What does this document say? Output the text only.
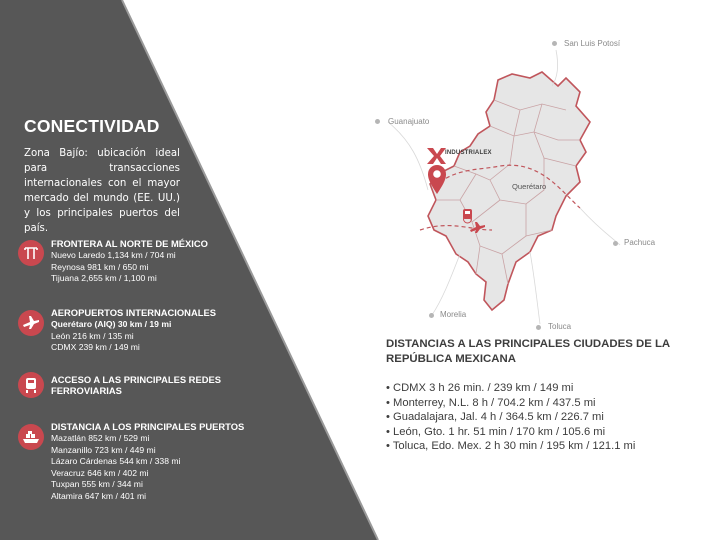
CONECTIVIDAD
Zona Bajío: ubicación ideal para transacciones internacionales con el mayor mercado del mundo (EE. UU.) y los principales puertos del país.
FRONTERA AL NORTE DE MÉXICO
Nuevo Laredo 1,134 km / 704 mi
Reynosa 981 km / 650 mi
Tijuana 2,655 km / 1,100 mi
AEROPUERTOS INTERNACIONALES
Querétaro (AIQ) 30 km / 19 mi
León 216 km / 135 mi
CDMX 239 km / 149 mi
ACCESO A LAS PRINCIPALES REDES FERROVIARIAS
DISTANCIA A LOS PRINCIPALES PUERTOS
Mazatlán 852 km / 529 mi
Manzanillo 723 km / 449 mi
Lázaro Cárdenas 544 km / 338 mi
Veracruz 646 km / 402 mi
Tuxpan 555 km / 344 mi
Altamira 647 km / 401 mi
INDUSTRIALEX
San Luis Potosí
Guanajuato
Querétaro
Pachuca
Morelia
Toluca
DISTANCIAS A LAS PRINCIPALES CIUDADES DE LA REPÚBLICA MEXICANA
• CDMX 3 h 26 min. / 239 km / 149 mi
• Monterrey, N.L. 8 h / 704.2 km / 437.5 mi
• Guadalajara, Jal. 4 h / 364.5 km / 226.7 mi
• León, Gto. 1 hr. 51 min / 170 km / 105.6 mi
• Toluca, Edo. Mex. 2 h 30 min / 195 km / 121.1 mi
